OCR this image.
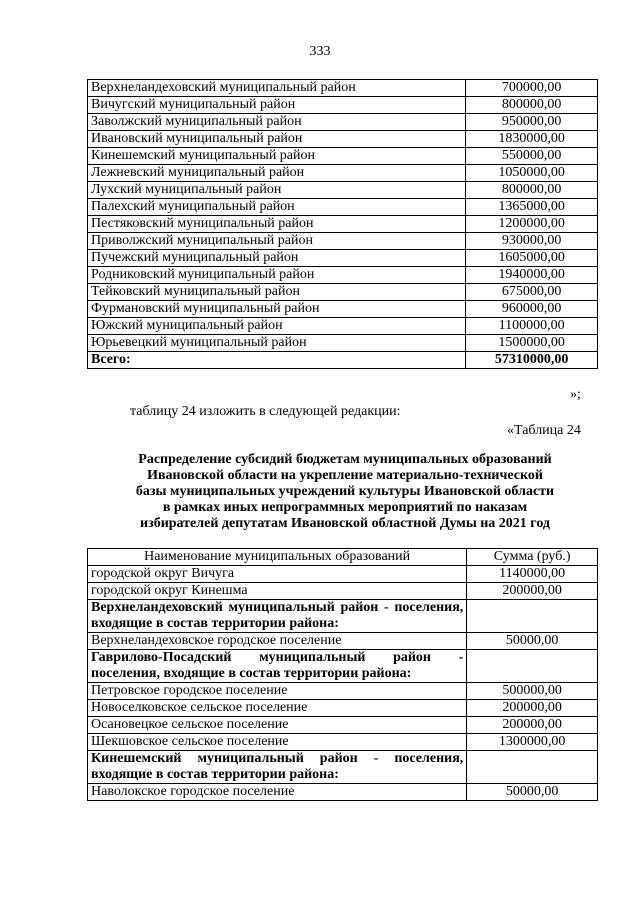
333
Верхнеландеховский муниципальный район	700000,00
Вичугский муниципальный район	800000,00
Заволжский муниципальный район	950000,00
Ивановский муниципальный район	1830000,00
Кинешемский муниципальный район	550000,00
Лежневский муниципальный район	1050000,00
Лухский муниципальный район	800000,00
Палехский муниципальный район	1365000,00
Пестяковский муниципальный район	1200000,00
Приволжский муниципальный район	930000,00
Пучежский муниципальный район	1605000,00
Родниковский муниципальный район	1940000,00
Тейковский муниципальный район	675000,00
Фурмановский муниципальный район	960000,00
Южский муниципальный район	1100000,00
Юрьевецкий муниципальный район	1500000,00
Всего:	57310000,00
»;
таблицу 24 изложить в следующей редакции:
«Таблица 24
Распределение субсидий бюджетам муниципальных образований
Ивановской области на укрепление материально-технической
базы муниципальных учреждений культуры Ивановской области
в рамках иных непрограммных мероприятий по наказам
избирателей депутатам Ивановской областной Думы на 2021 год
Наименование муниципальных образований	Сумма (руб.)
городской округ Вичуга	1140000,00
городской округ Кинешма	200000,00
Верхнеландеховский муниципальный район - поселения, входящие в состав территории района:	
Верхнеландеховское городское поселение	50000,00
Гаврилово-Посадский муниципальный район - поселения, входящие в состав территории района:	
Петровское городское поселение	500000,00
Новоселковское сельское поселение	200000,00
Осановецкое сельское поселение	200000,00
Шекшовское сельское поселение	1300000,00
Кинешемский муниципальный район - поселения, входящие в состав территории района:	
Наволокское городское поселение	50000,00
